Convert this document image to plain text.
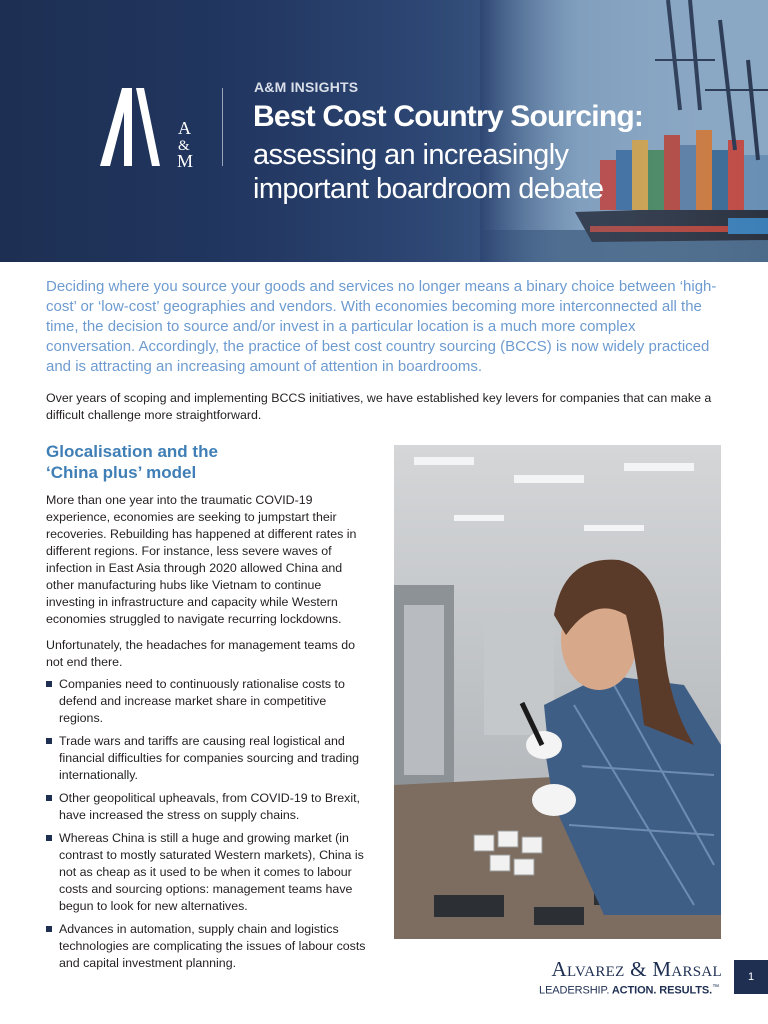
A
&
M
A&M INSIGHTS
Best Cost Country Sourcing:
assessing an increasingly important boardroom debate

Deciding where you source your goods and services no longer means a binary choice between ‘high-cost’ or ‘low-cost’ geographies and vendors. With economies becoming more interconnected all the time, the decision to source and/or invest in a particular location is a much more complex conversation. Accordingly, the practice of best cost country sourcing (BCCS) is now widely practiced and is attracting an increasing amount of attention in boardrooms.

Over years of scoping and implementing BCCS initiatives, we have established key levers for companies that can make a difficult challenge more straightforward.

Glocalisation and the
‘China plus’ model

More than one year into the traumatic COVID-19 experience, economies are seeking to jumpstart their recoveries. Rebuilding has happened at different rates in different regions. For instance, less severe waves of infection in East Asia through 2020 allowed China and other manufacturing hubs like Vietnam to continue investing in infrastructure and capacity while Western economies struggled to navigate recurring lockdowns.

Unfortunately, the headaches for management teams do not end there.

Companies need to continuously rationalise costs to defend and increase market share in competitive regions.
Trade wars and tariffs are causing real logistical and financial difficulties for companies sourcing and trading internationally.
Other geopolitical upheavals, from COVID-19 to Brexit, have increased the stress on supply chains.
Whereas China is still a huge and growing market (in contrast to mostly saturated Western markets), China is not as cheap as it used to be when it comes to labour costs and sourcing options: management teams have begun to look for new alternatives.
Advances in automation, supply chain and logistics technologies are complicating the issues of labour costs and capital investment planning.	Alvarez & Marsal
LEADERSHIP. ACTION. RESULTS.™
1
